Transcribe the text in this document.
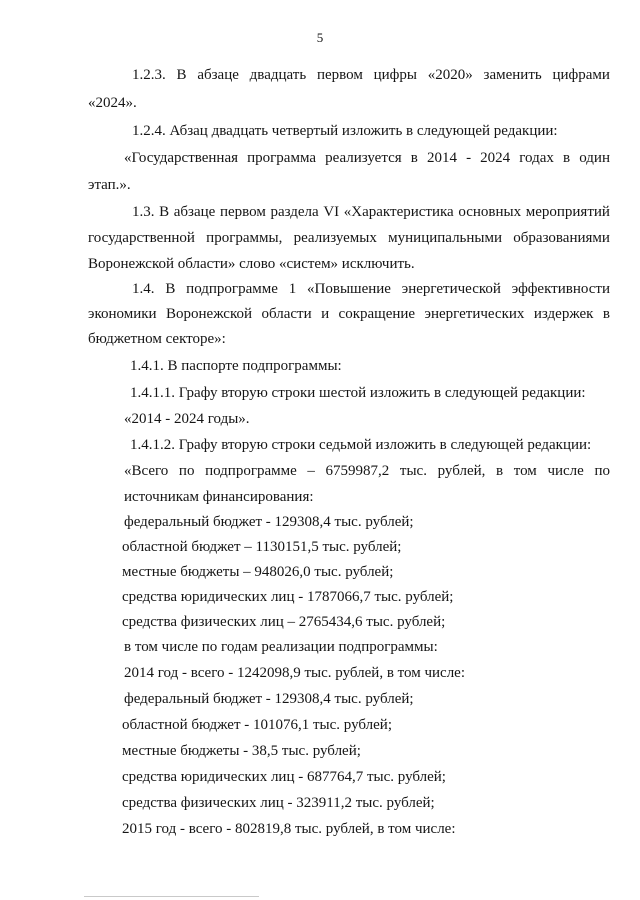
5
1.2.3. В абзаце двадцать первом цифры «2020» заменить цифрами
«2024».
1.2.4. Абзац двадцать четвертый изложить в следующей редакции:
«Государственная программа реализуется в 2014 - 2024 годах в один
этап.».
1.3. В абзаце первом раздела VI «Характеристика основных мероприятий
государственной программы, реализуемых муниципальными образованиями
Воронежской области» слово «систем» исключить.
1.4. В подпрограмме 1 «Повышение энергетической эффективности
экономики Воронежской области и сокращение энергетических издержек в
бюджетном секторе»:
1.4.1. В паспорте подпрограммы:
1.4.1.1. Графу вторую строки шестой изложить в следующей редакции:
«2014 - 2024 годы».
1.4.1.2. Графу вторую строки седьмой изложить в следующей редакции:
«Всего по подпрограмме – 6759987,2 тыс. рублей, в том числе по
источникам финансирования:
федеральный бюджет - 129308,4 тыс. рублей;
областной бюджет – 1130151,5 тыс. рублей;
местные бюджеты – 948026,0 тыс. рублей;
средства юридических лиц - 1787066,7 тыс. рублей;
средства физических лиц – 2765434,6 тыс. рублей;
в том числе по годам реализации подпрограммы:
2014 год - всего - 1242098,9 тыс. рублей, в том числе:
федеральный бюджет - 129308,4 тыс. рублей;
областной бюджет - 101076,1 тыс. рублей;
местные бюджеты - 38,5 тыс. рублей;
средства юридических лиц - 687764,7 тыс. рублей;
средства физических лиц - 323911,2 тыс. рублей;
2015 год - всего - 802819,8 тыс. рублей, в том числе:
